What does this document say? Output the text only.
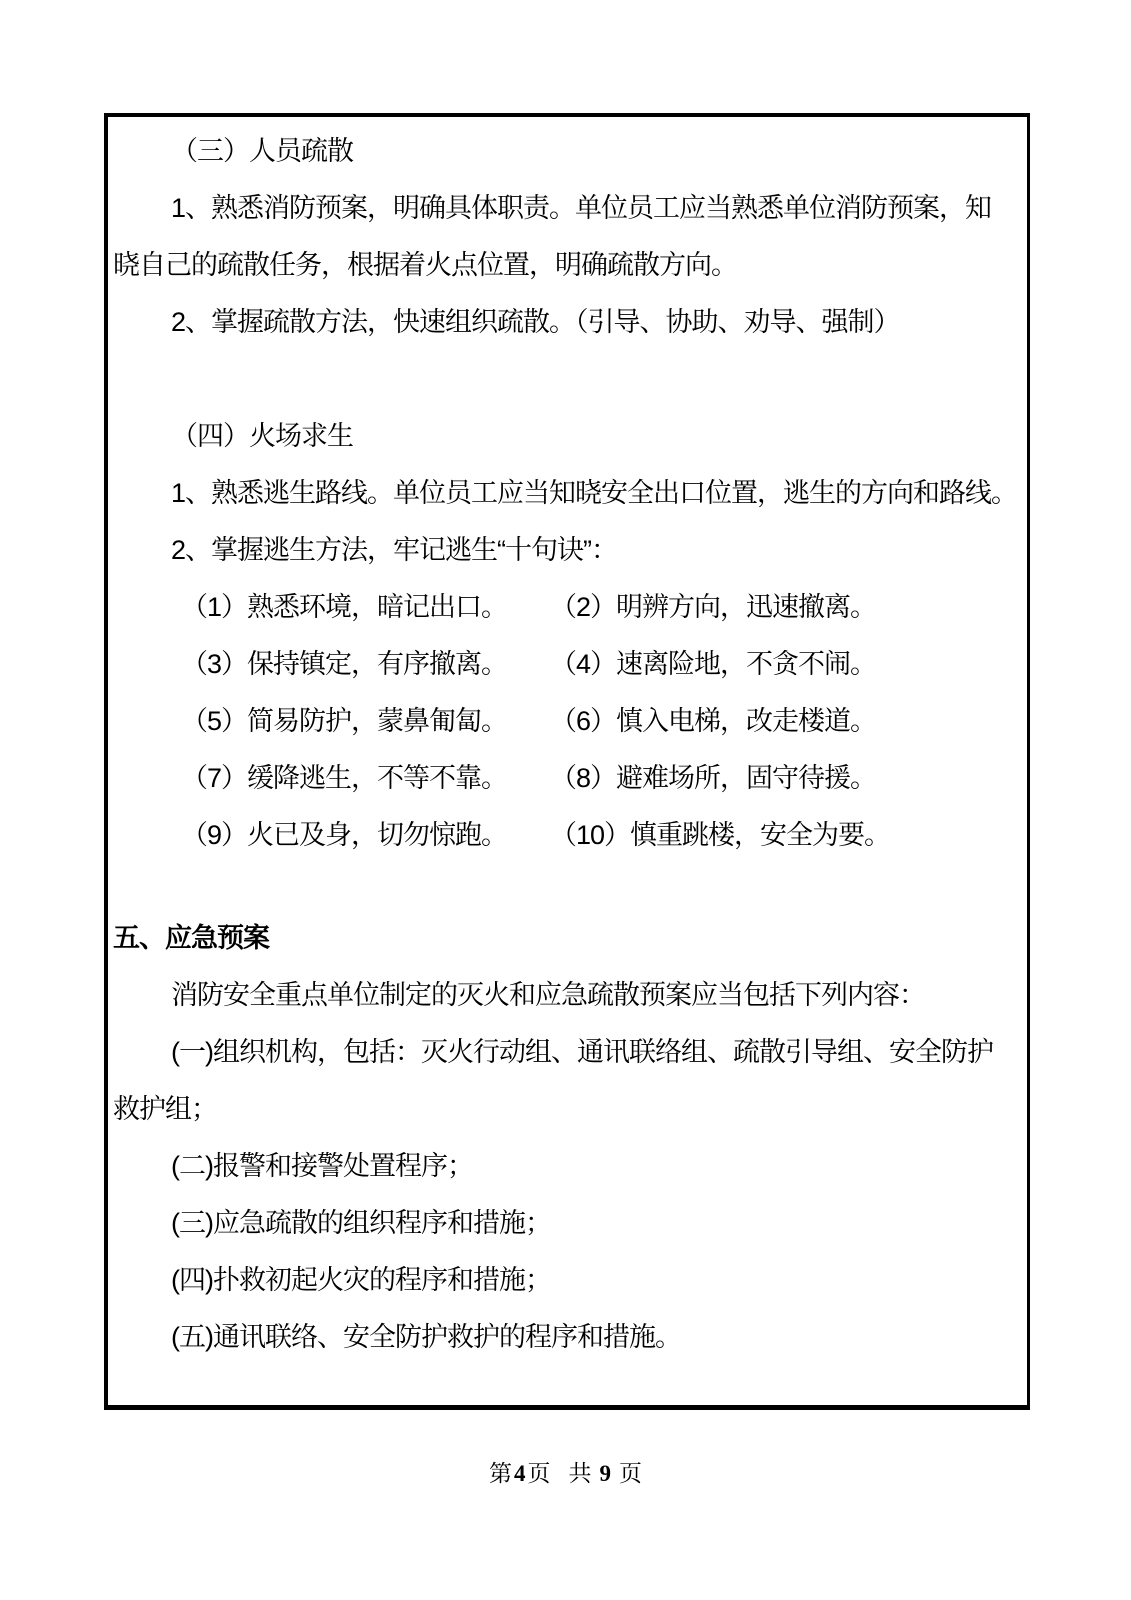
（三）人员疏散

1、熟悉消防预案，明确具体职责。单位员工应当熟悉单位消防预案，知

晓自己的疏散任务，根据着火点位置，明确疏散方向。

2、掌握疏散方法，快速组织疏散。（引导、协助、劝导、强制）

（四）火场求生

1、熟悉逃生路线。单位员工应当知晓安全出口位置，逃生的方向和路线。

2、掌握逃生方法，牢记逃生“十句诀”：

（1）熟悉环境，暗记出口。	（2）明辨方向，迅速撤离。
（3）保持镇定，有序撤离。	（4）速离险地，不贪不闹。
（5）简易防护，蒙鼻匍匐。	（6）慎入电梯，改走楼道。
（7）缓降逃生，不等不靠。	（8）避难场所，固守待援。
（9）火已及身，切勿惊跑。	（10）慎重跳楼，安全为要。

五、应急预案

消防安全重点单位制定的灭火和应急疏散预案应当包括下列内容：

(一)组织机构，包括：灭火行动组、通讯联络组、疏散引导组、安全防护

救护组；

(二)报警和接警处置程序；

(三)应急疏散的组织程序和措施；

(四)扑救初起火灾的程序和措施；

(五)通讯联络、安全防护救护的程序和措施。

第4页 共 9 页
